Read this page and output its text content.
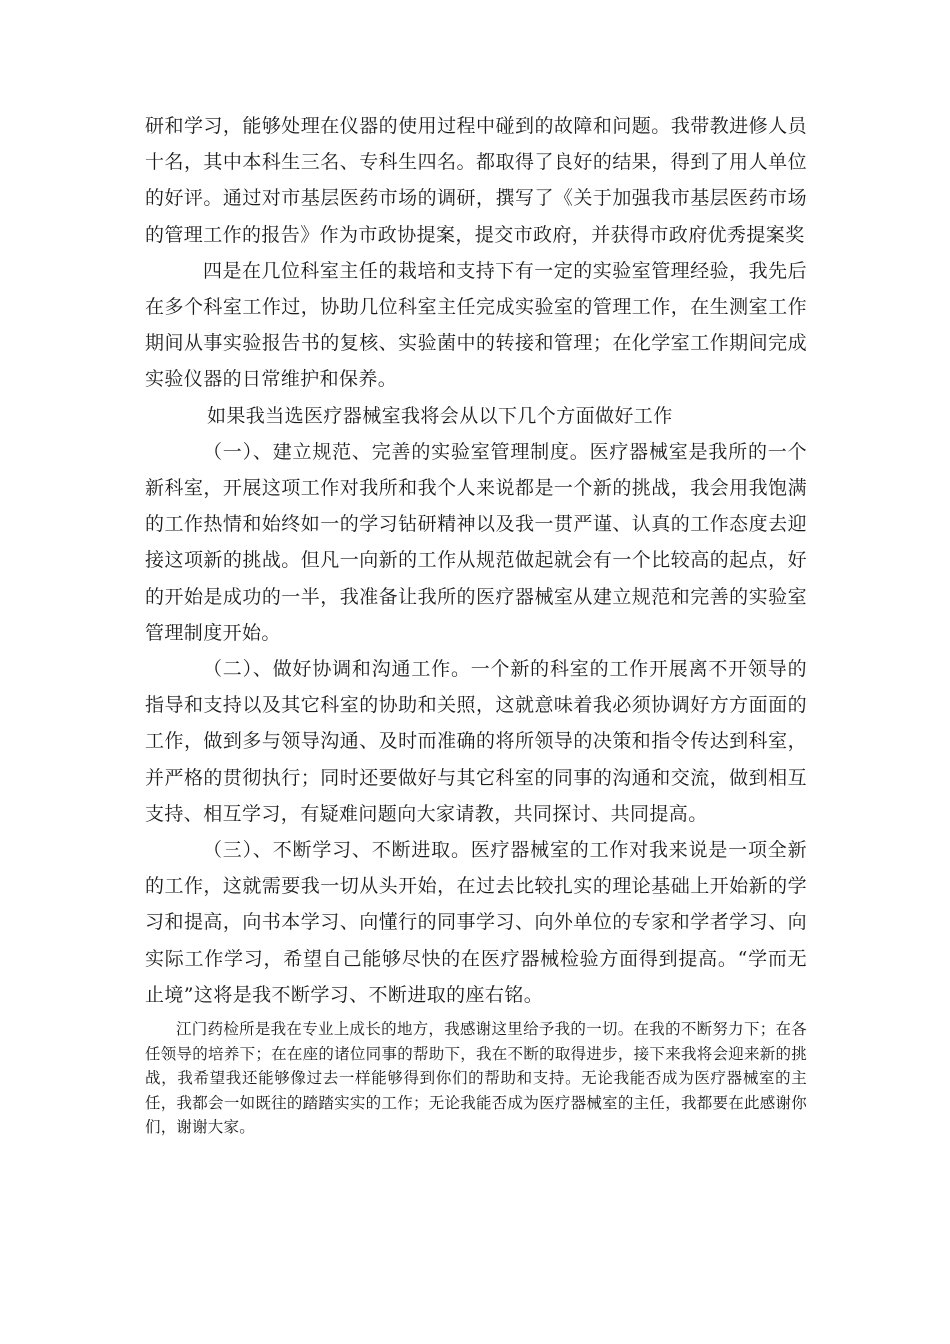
研和学习，能够处理在仪器的使用过程中碰到的故障和问题。我带教进修人员十名，其中本科生三名、专科生四名。都取得了良好的结果，得到了用人单位的好评。通过对市基层医药市场的调研，撰写了《关于加强我市基层医药市场的管理工作的报告》作为市政协提案，提交市政府，并获得市政府优秀提案奖

四是在几位科室主任的栽培和支持下有一定的实验室管理经验，我先后在多个科室工作过，协助几位科室主任完成实验室的管理工作，在生测室工作期间从事实验报告书的复核、实验菌中的转接和管理；在化学室工作期间完成实验仪器的日常维护和保养。

如果我当选医疗器械室我将会从以下几个方面做好工作

（一）、建立规范、完善的实验室管理制度。医疗器械室是我所的一个新科室，开展这项工作对我所和我个人来说都是一个新的挑战，我会用我饱满的工作热情和始终如一的学习钻研精神以及我一贯严谨、认真的工作态度去迎接这项新的挑战。但凡一向新的工作从规范做起就会有一个比较高的起点，好的开始是成功的一半，我准备让我所的医疗器械室从建立规范和完善的实验室管理制度开始。

（二）、做好协调和沟通工作。一个新的科室的工作开展离不开领导的指导和支持以及其它科室的协助和关照，这就意味着我必须协调好方方面面的工作，做到多与领导沟通、及时而准确的将所领导的决策和指令传达到科室，并严格的贯彻执行；同时还要做好与其它科室的同事的沟通和交流，做到相互支持、相互学习，有疑难问题向大家请教，共同探讨、共同提高。

（三）、不断学习、不断进取。医疗器械室的工作对我来说是一项全新的工作，这就需要我一切从头开始，在过去比较扎实的理论基础上开始新的学习和提高，向书本学习、向懂行的同事学习、向外单位的专家和学者学习、向实际工作学习，希望自己能够尽快的在医疗器械检验方面得到提高。“学而无止境”这将是我不断学习、不断进取的座右铭。

江门药检所是我在专业上成长的地方，我感谢这里给予我的一切。在我的不断努力下；在各任领导的培养下；在在座的诸位同事的帮助下，我在不断的取得进步，接下来我将会迎来新的挑战，我希望我还能够像过去一样能够得到你们的帮助和支持。无论我能否成为医疗器械室的主任，我都会一如既往的踏踏实实的工作；无论我能否成为医疗器械室的主任，我都要在此感谢你们，谢谢大家。
